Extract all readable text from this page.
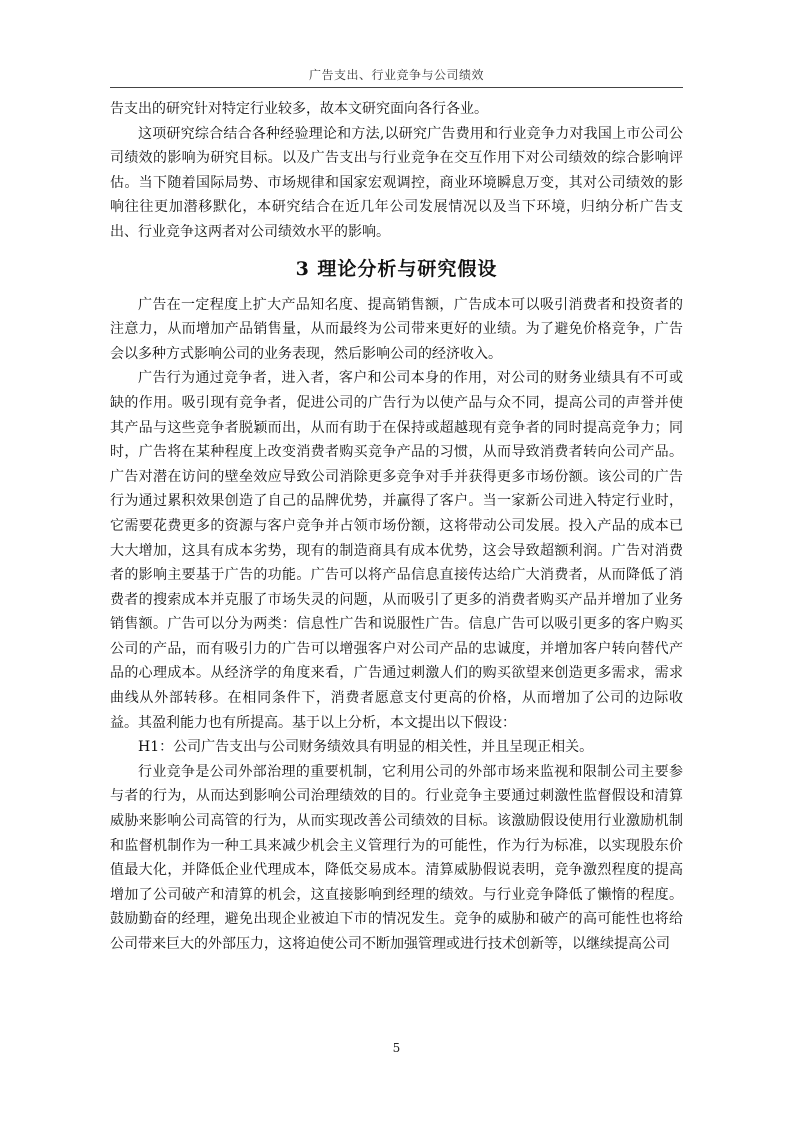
广告支出、行业竞争与公司绩效

告支出的研究针对特定行业较多，故本文研究面向各行各业。

这项研究综合结合各种经验理论和方法,以研究广告费用和行业竞争力对我国上市公司公司绩效的影响为研究目标。以及广告支出与行业竞争在交互作用下对公司绩效的综合影响评估。当下随着国际局势、市场规律和国家宏观调控，商业环境瞬息万变，其对公司绩效的影响往往更加潜移默化，本研究结合在近几年公司发展情况以及当下环境，归纳分析广告支出、行业竞争这两者对公司绩效水平的影响。

3 理论分析与研究假设

广告在一定程度上扩大产品知名度、提高销售额，广告成本可以吸引消费者和投资者的注意力，从而增加产品销售量，从而最终为公司带来更好的业绩。为了避免价格竞争，广告会以多种方式影响公司的业务表现，然后影响公司的经济收入。

广告行为通过竞争者，进入者，客户和公司本身的作用，对公司的财务业绩具有不可或缺的作用。吸引现有竞争者，促进公司的广告行为以使产品与众不同，提高公司的声誉并使其产品与这些竞争者脱颖而出，从而有助于在保持或超越现有竞争者的同时提高竞争力；同时，广告将在某种程度上改变消费者购买竞争产品的习惯，从而导致消费者转向公司产品。广告对潜在访问的壁垒效应导致公司消除更多竞争对手并获得更多市场份额。该公司的广告行为通过累积效果创造了自己的品牌优势，并赢得了客户。当一家新公司进入特定行业时，它需要花费更多的资源与客户竞争并占领市场份额，这将带动公司发展。投入产品的成本已大大增加，这具有成本劣势，现有的制造商具有成本优势，这会导致超额利润。广告对消费者的影响主要基于广告的功能。广告可以将产品信息直接传达给广大消费者，从而降低了消费者的搜索成本并克服了市场失灵的问题，从而吸引了更多的消费者购买产品并增加了业务销售额。广告可以分为两类：信息性广告和说服性广告。信息广告可以吸引更多的客户购买公司的产品，而有吸引力的广告可以增强客户对公司产品的忠诚度，并增加客户转向替代产品的心理成本。从经济学的角度来看，广告通过刺激人们的购买欲望来创造更多需求，需求曲线从外部转移。在相同条件下，消费者愿意支付更高的价格，从而增加了公司的边际收益。其盈利能力也有所提高。基于以上分析，本文提出以下假设：

H1：公司广告支出与公司财务绩效具有明显的相关性，并且呈现正相关。

行业竞争是公司外部治理的重要机制，它利用公司的外部市场来监视和限制公司主要参与者的行为，从而达到影响公司治理绩效的目的。行业竞争主要通过刺激性监督假设和清算威胁来影响公司高管的行为，从而实现改善公司绩效的目标。该激励假设使用行业激励机制和监督机制作为一种工具来减少机会主义管理行为的可能性，作为行为标准，以实现股东价值最大化，并降低企业代理成本，降低交易成本。清算威胁假说表明，竞争激烈程度的提高增加了公司破产和清算的机会，这直接影响到经理的绩效。与行业竞争降低了懒惰的程度。鼓励勤奋的经理，避免出现企业被迫下市的情况发生。竞争的威胁和破产的高可能性也将给公司带来巨大的外部压力，这将迫使公司不断加强管理或进行技术创新等，以继续提高公司

5
